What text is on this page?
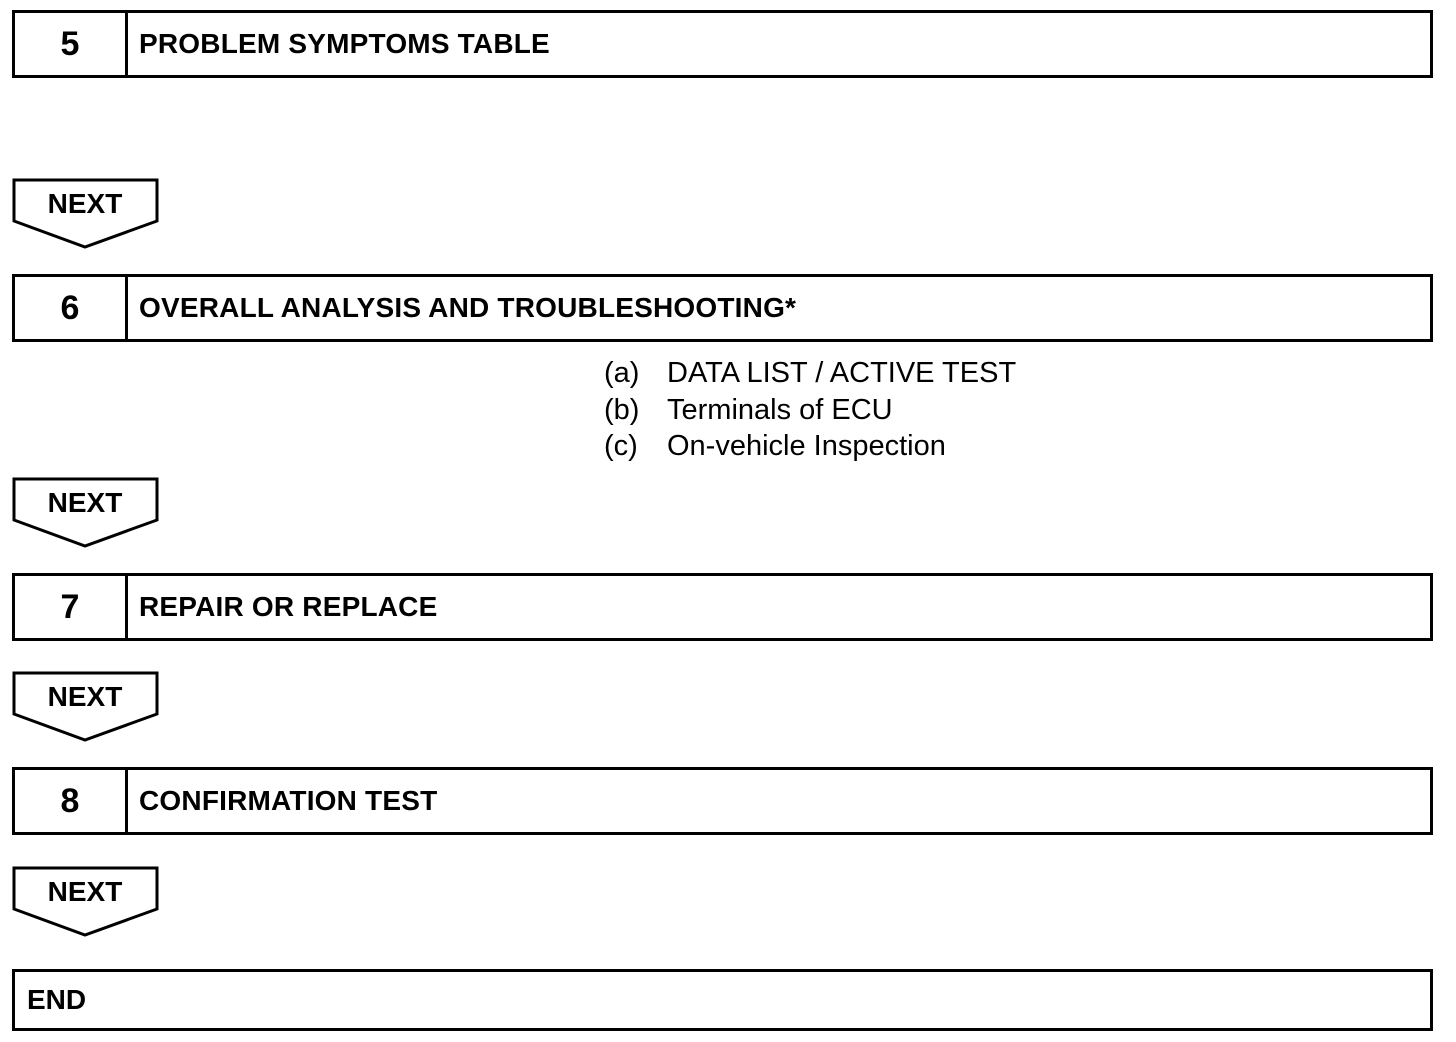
5	PROBLEM SYMPTOMS TABLE
NEXT
6	OVERALL ANALYSIS AND TROUBLESHOOTING*
(a) DATA LIST / ACTIVE TEST
(b) Terminals of ECU
(c)	On-vehicle Inspection
NEXT
7	REPAIR OR REPLACE
NEXT
8	CONFIRMATION TEST
NEXT
END
